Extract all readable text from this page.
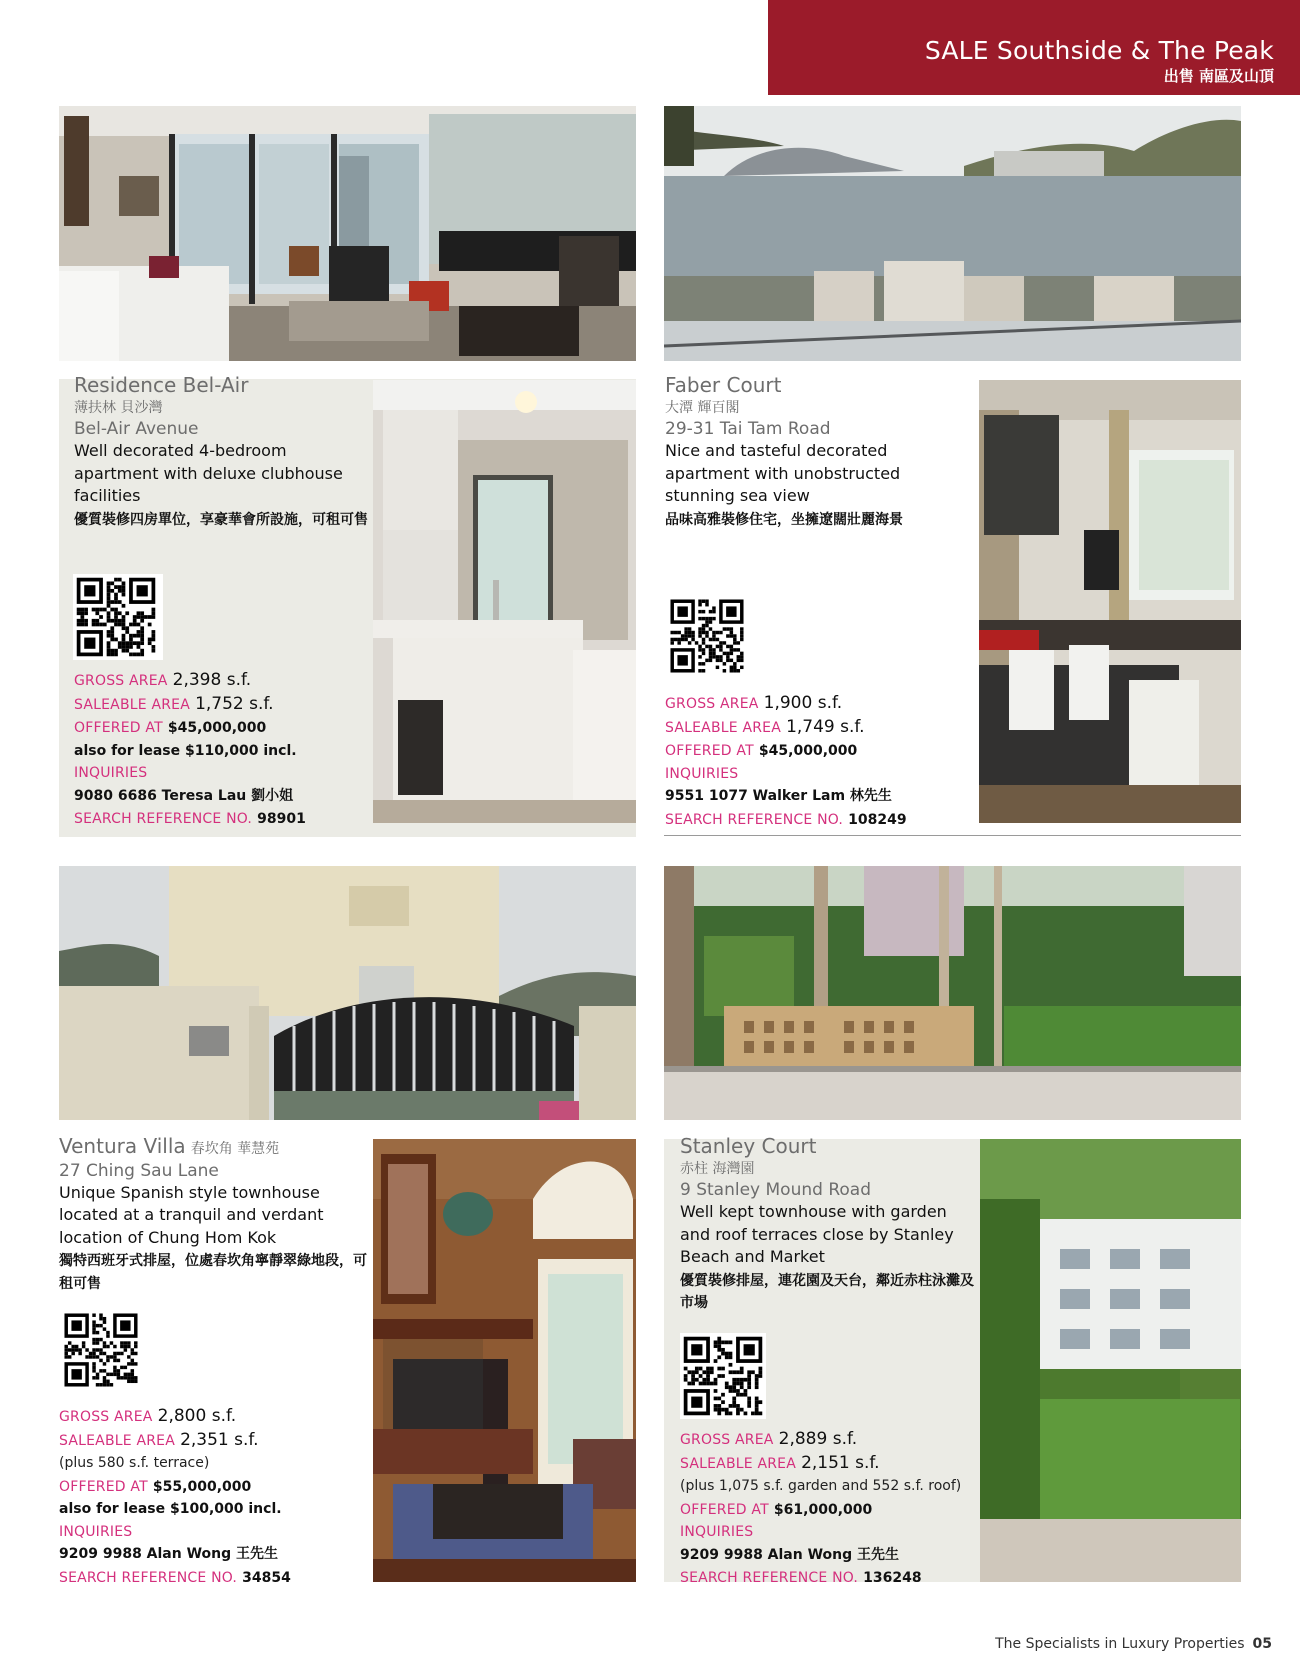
SALE Southside & The Peak
出售 南區及山頂
Residence Bel-Air
薄扶林 貝沙灣
Bel-Air Avenue
Well decorated 4-bedroom apartment with deluxe clubhouse facilities
優質裝修四房單位，享豪華會所設施，可租可售
GROSS AREA 2,398 s.f.
SALEABLE AREA 1,752 s.f.
OFFERED AT $45,000,000
also for lease $110,000 incl.
INQUIRIES
9080 6686 Teresa Lau 劉小姐
SEARCH REFERENCE NO. 98901
Faber Court
大潭 輝百閣
29-31 Tai Tam Road
Nice and tasteful decorated apartment with unobstructed stunning sea view
品味高雅裝修住宅，坐擁遼闊壯麗海景
GROSS AREA 1,900 s.f.
SALEABLE AREA 1,749 s.f.
OFFERED AT $45,000,000
INQUIRIES
9551 1077 Walker Lam 林先生
SEARCH REFERENCE NO. 108249
Ventura Villa 春坎角 華慧苑
27 Ching Sau Lane
Unique Spanish style townhouse located at a tranquil and verdant location of Chung Hom Kok
獨特西班牙式排屋，位處春坎角寧靜翠綠地段，可租可售
GROSS AREA 2,800 s.f.
SALEABLE AREA 2,351 s.f.
(plus 580 s.f. terrace)
OFFERED AT $55,000,000
also for lease $100,000 incl.
INQUIRIES
9209 9988 Alan Wong 王先生
SEARCH REFERENCE NO. 34854
Stanley Court
赤柱 海灣園
9 Stanley Mound Road
Well kept townhouse with garden and roof terraces close by Stanley Beach and Market
優質裝修排屋，連花園及天台，鄰近赤柱泳灘及市場
GROSS AREA 2,889 s.f.
SALEABLE AREA 2,151 s.f.
(plus 1,075 s.f. garden and 552 s.f. roof)
OFFERED AT $61,000,000
INQUIRIES
9209 9988 Alan Wong 王先生
SEARCH REFERENCE NO. 136248
The Specialists in Luxury Properties 05
